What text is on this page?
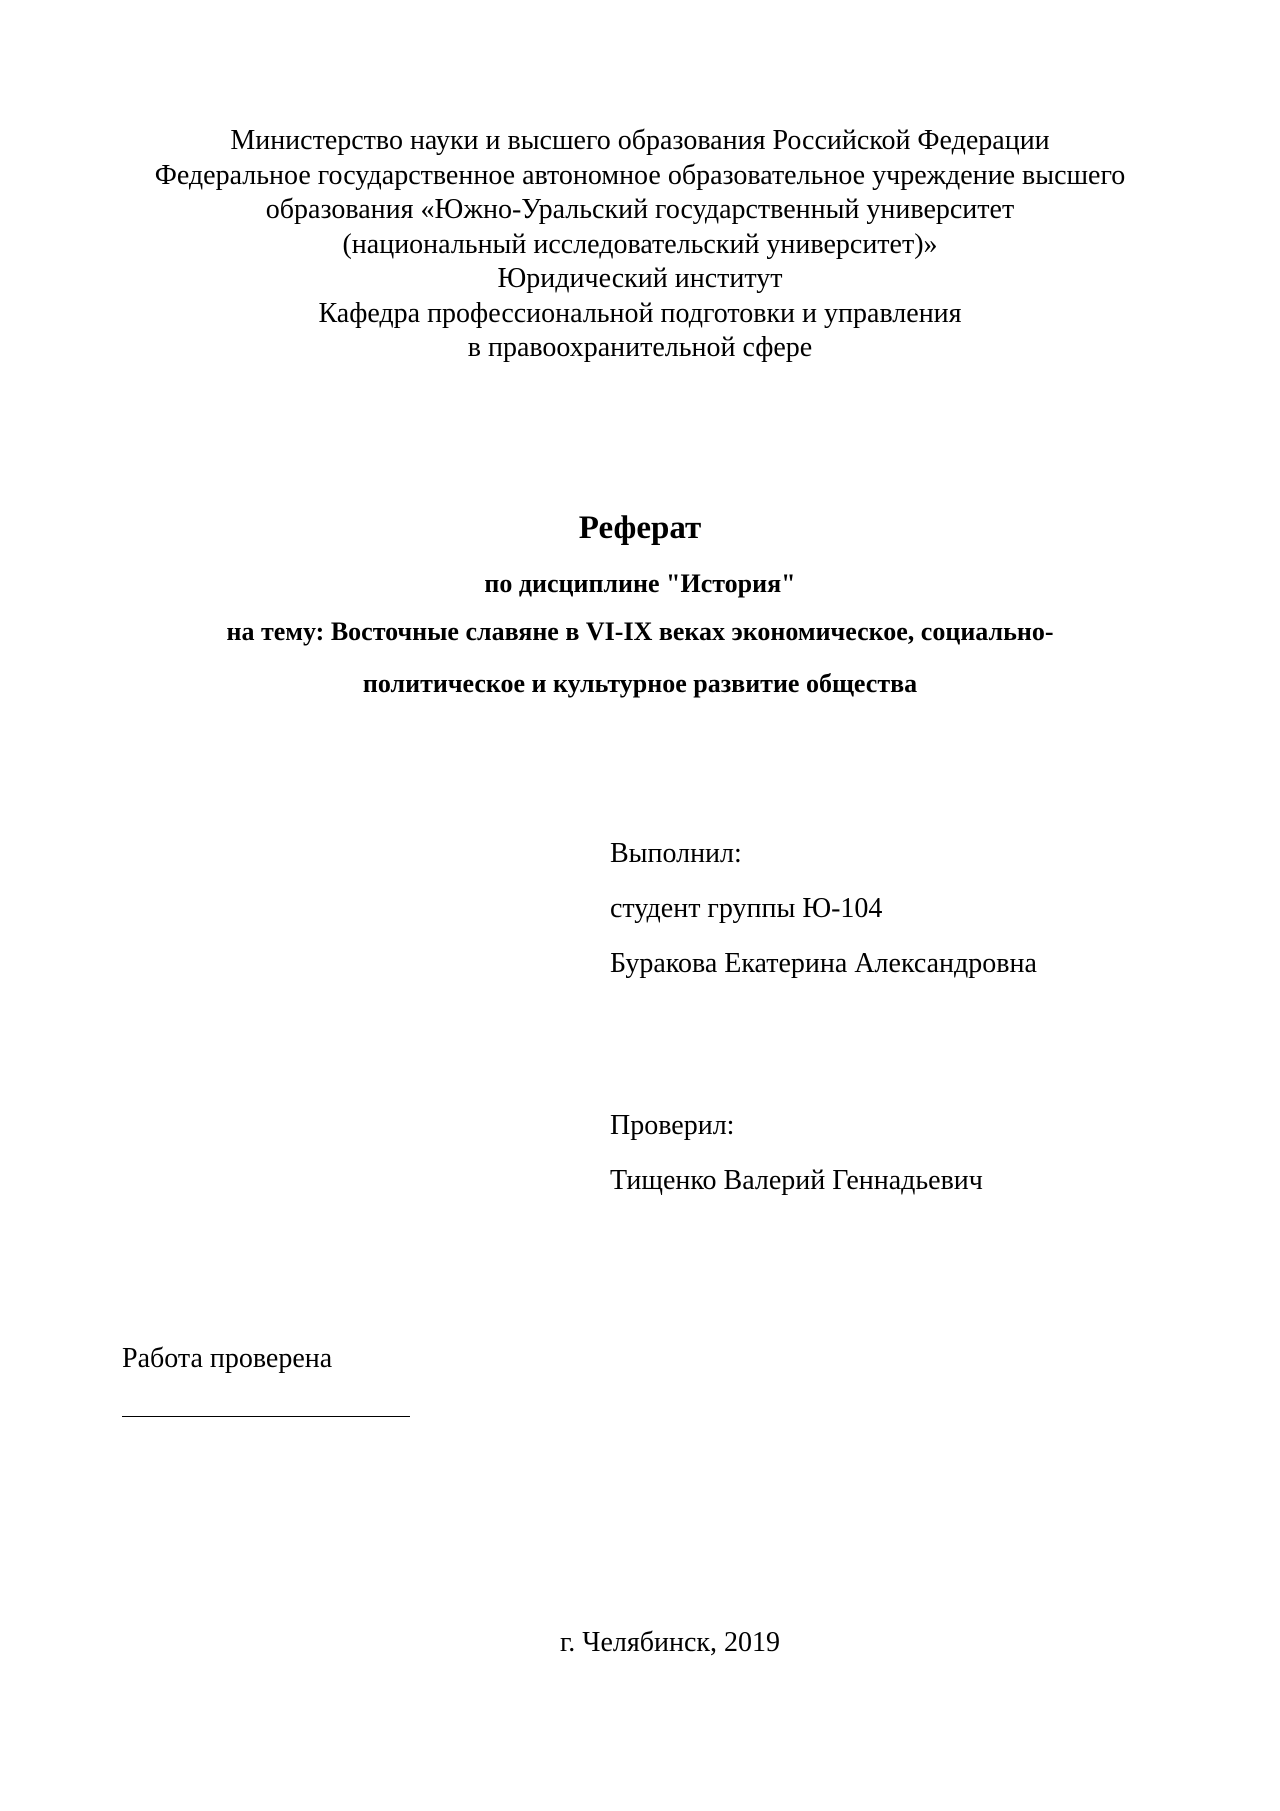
Министерство науки и высшего образования Российской Федерации
Федеральное государственное автономное образовательное учреждение высшего
образования «Южно-Уральский государственный университет
(национальный исследовательский университет)»
Юридический институт
Кафедра профессиональной подготовки и управления
в правоохранительной сфере
Реферат
по дисциплине "История"
на тему: Восточные славяне в VI-IX веках экономическое, социально-
политическое и культурное развитие общества
Выполнил:
студент группы Ю-104
Буракова Екатерина Александровна
Проверил:
Тищенко Валерий Геннадьевич
Работа проверена
г. Челябинск, 2019
